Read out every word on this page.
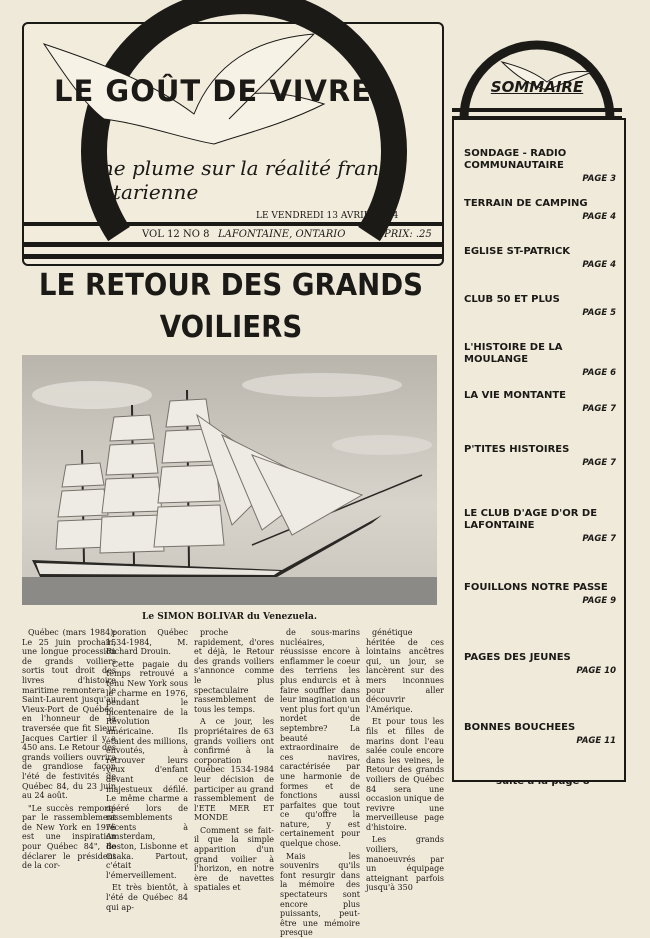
LE GOÛT DE VIVRE
une plume sur la réalité franco ontarienne
LE VENDREDI 13 AVRIL, 1984
VOL 12 NO 8 LAFONTAINE, ONTARIO	PRIX: .25
LE RETOUR DES GRANDS
VOILIERS
Le SIMON BOLIVAR du Venezuela.

Québec (mars 1984): Le 25 juin prochain, une longue procession de grands voiliers sortis tout droit des livres d'histoire maritime remontera le Saint-Laurent jusqu'au Vieux-Port de Québec, en l'honneur de la traversée que fit Sieur Jacques Cartier il y a 450 ans. Le Retour des grands voiliers ouvrira de grandiose façon l'été de festivités de Québec 84, du 23 juin au 24 août.

"Le succès remporté par le rassemblement de New York en 1976 est une inspiration pour Québec 84", de déclarer le président de la cor-

poration Québec 1534-1984, M. Richard Drouin.

Cette pagaie du temps retrouvé a tenu New York sous le charme en 1976, pendant le bicentenaire de la Révolution américaine. Ils étaient des millions, envoutés, à retrouver leurs yeux d'enfant devant ce majestueux défilé. Le même charme a opéré lors de rassemblements récents à Amsterdam, Boston, Lisbonne et Osaka. Partout, c'était l'émerveillement.

Et très bientôt, à l'été de Québec 84 qui ap-

proche rapidement, d'ores et déjà, le Retour des grands voiliers s'annonce comme le plus spectaculaire rassemblement de tous les temps.

A ce jour, les propriétaires de 63 grands voiliers ont confirmé à la corporation Québec 1534-1984 leur décision de participer au grand rassemblement de l'ETE MER ET MONDE

Comment se fait-il que la simple apparition d'un grand voilier à l'horizon, en notre ère de navettes spatiales et

de sous-marins nucléaires, réussisse encore à enflammer le coeur des terriens les plus endurcis et à faire souffler dans leur imagination un vent plus fort qu'un nordet de septembre? La beauté extraordinaire de ces navires, caractérisée par une harmonie de formes et de fonctions aussi parfaites que tout ce qu'offre la nature, y est certainement pour quelque chose.

Mais les souvenirs qu'ils font resurgir dans la mémoire des spectateurs sont encore plus puissants, peut-être une mémoire presque

génétique héritée de ces lointains ancêtres qui, un jour, se lancèrent sur des mers inconnues pour aller découvrir l'Amérique.

Et pour tous les fils et filles de marins dont l'eau salée coule encore dans les veines, le Retour des grands voiliers de Québec 84 sera une occasion unique de revivre une merveilleuse page d'histoire.

Les grands voiliers, manoeuvrés par un équipage atteignant parfois jusqu'à 350

SOMMAIRE
SONDAGE - RADIO COMMUNAUTAIRE
PAGE 3
TERRAIN DE CAMPING
PAGE 4
EGLISE ST-PATRICK
PAGE 4
CLUB 50 ET PLUS
PAGE 5
L'HISTOIRE DE LA MOULANGE
PAGE 6
LA VIE MONTANTE
PAGE 7
P'TITES HISTOIRES
PAGE 7
LE CLUB D'AGE D'OR DE LAFONTAINE
PAGE 7
FOUILLONS NOTRE PASSE
PAGE 9
PAGES DES JEUNES
PAGE 10
BONNES BOUCHEES
PAGE 11
